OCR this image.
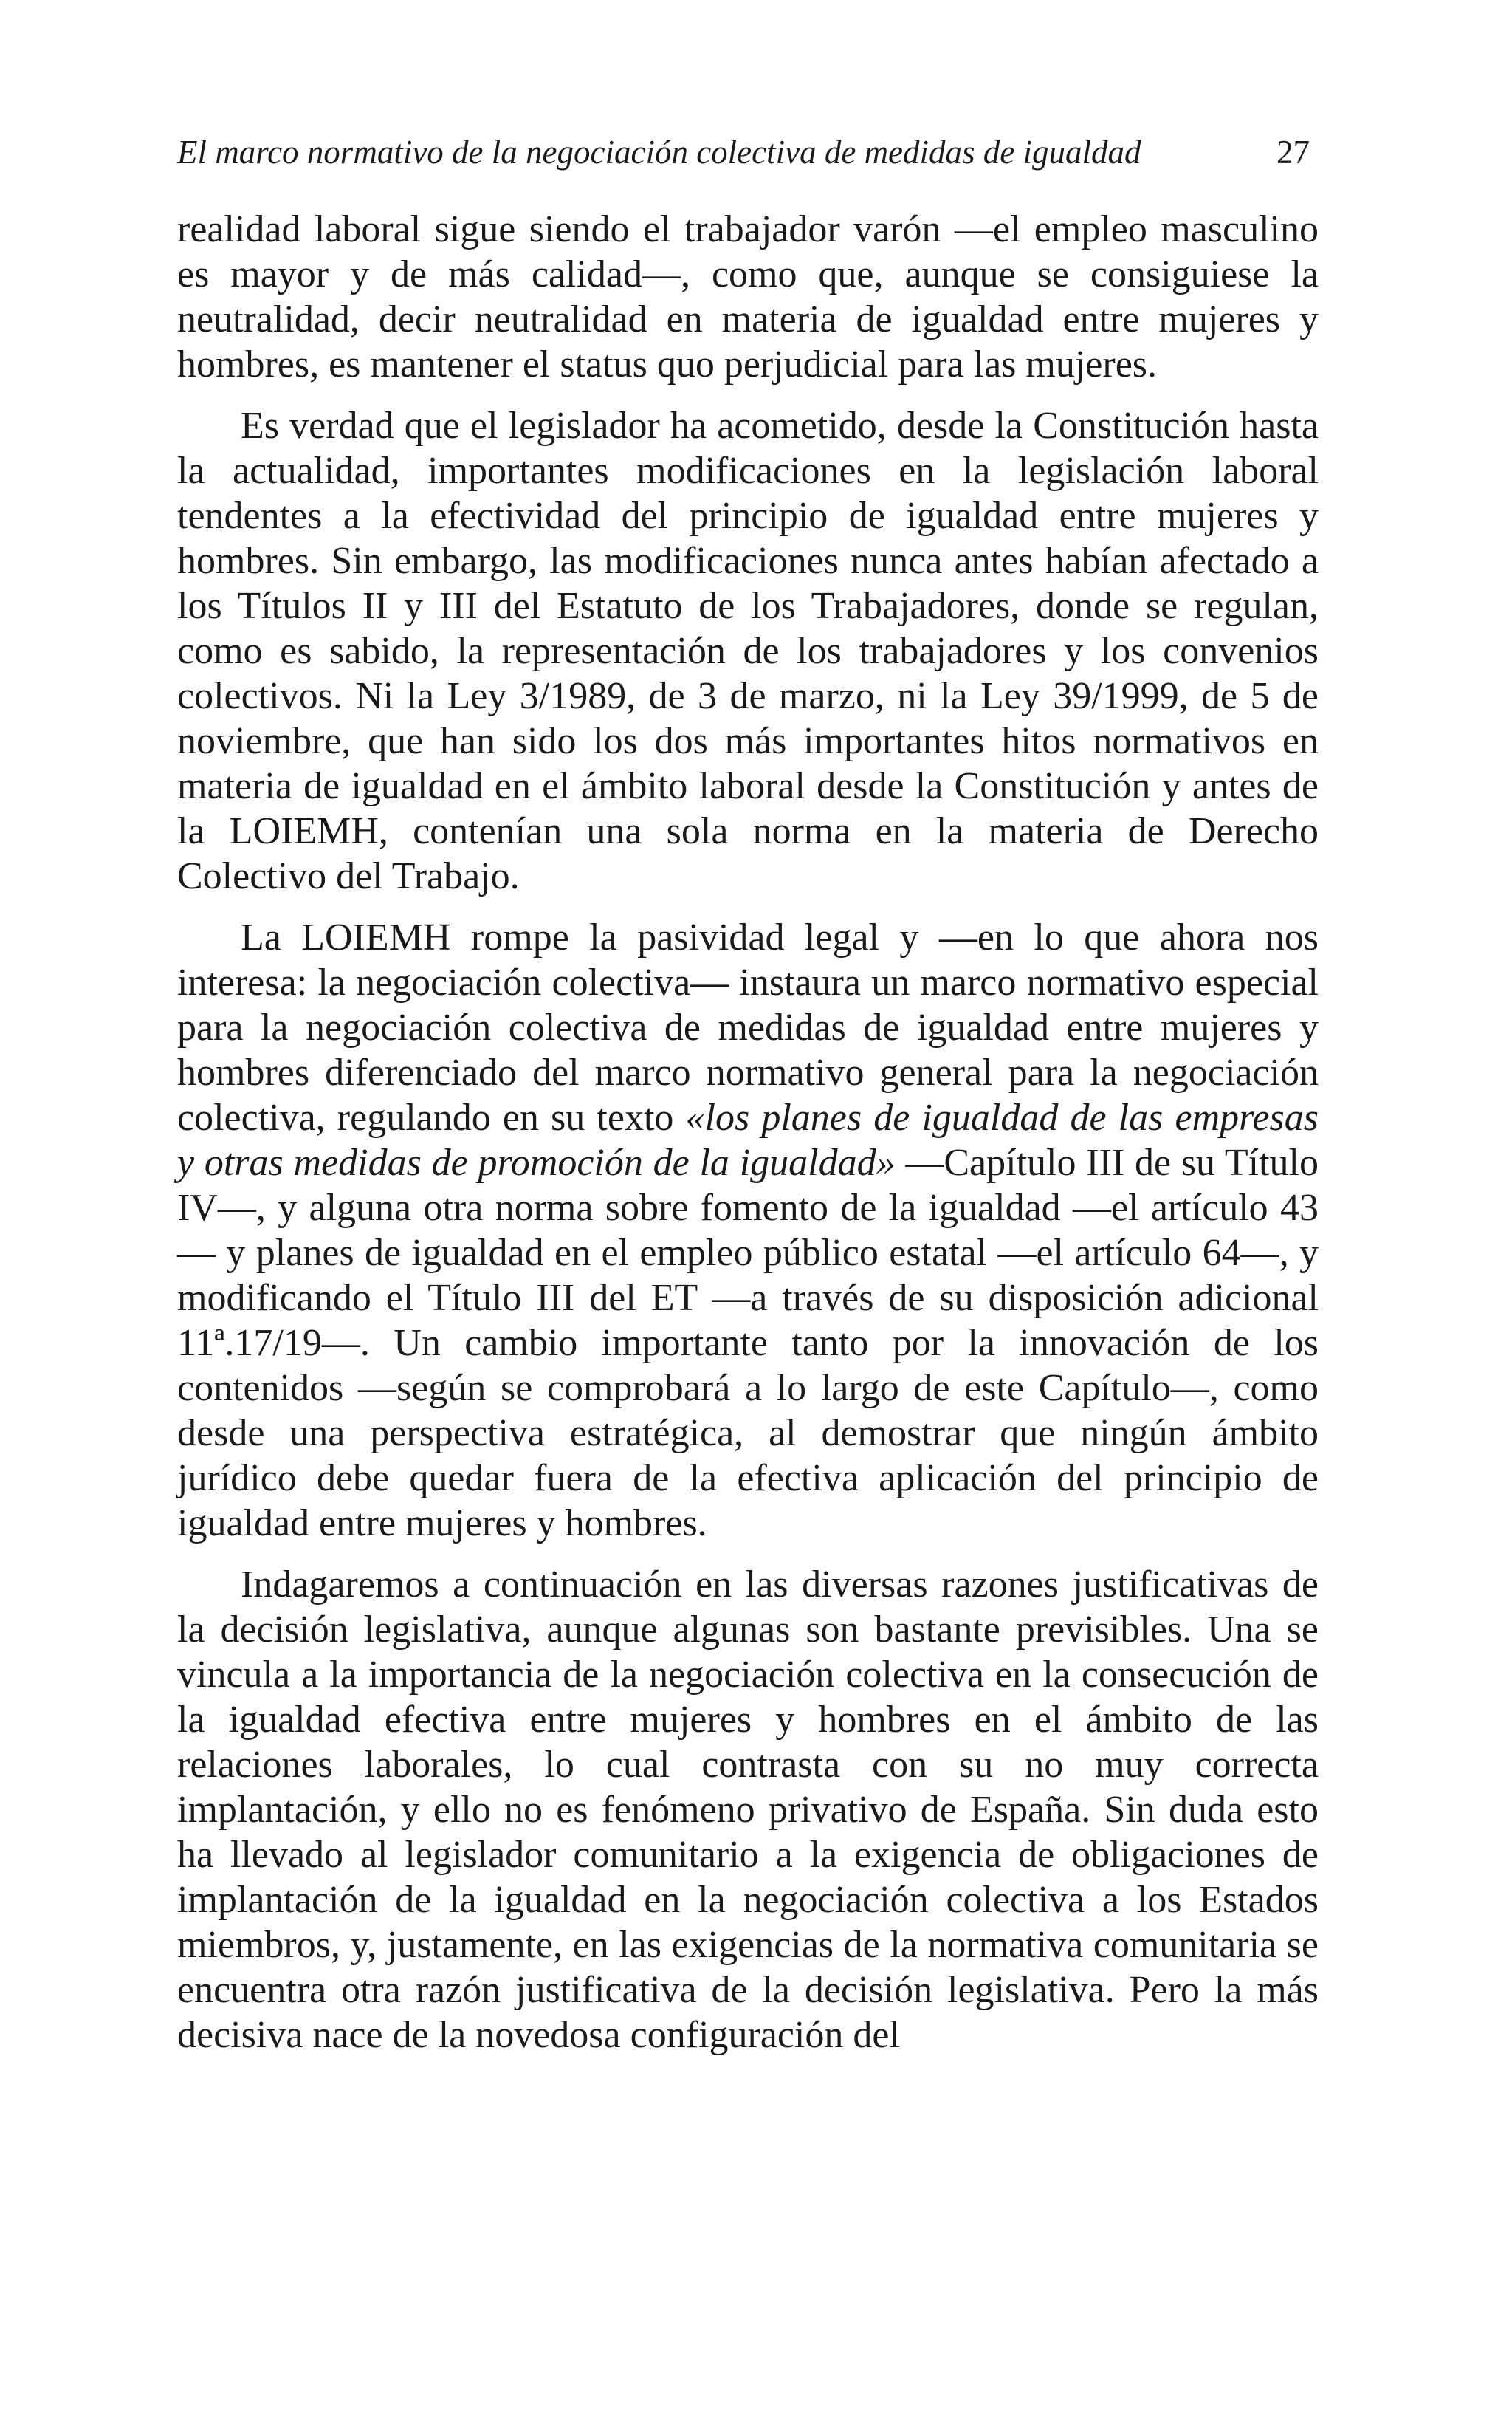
El marco normativo de la negociación colectiva de medidas de igualdad	27

realidad laboral sigue siendo el trabajador varón —el empleo masculino es mayor y de más calidad—, como que, aunque se consiguiese la neutralidad, decir neutralidad en materia de igualdad entre mujeres y hombres, es mantener el status quo perjudicial para las mujeres.

Es verdad que el legislador ha acometido, desde la Constitución hasta la actualidad, importantes modificaciones en la legislación laboral tendentes a la efectividad del principio de igualdad entre mujeres y hombres. Sin embargo, las modificaciones nunca antes habían afectado a los Títulos II y III del Estatuto de los Trabajadores, donde se regulan, como es sabido, la representación de los trabajadores y los convenios colectivos. Ni la Ley 3/1989, de 3 de marzo, ni la Ley 39/1999, de 5 de noviembre, que han sido los dos más importantes hitos normativos en materia de igualdad en el ámbito laboral desde la Constitución y antes de la LOIEMH, contenían una sola norma en la materia de Derecho Colectivo del Trabajo.

La LOIEMH rompe la pasividad legal y —en lo que ahora nos interesa: la negociación colectiva— instaura un marco normativo especial para la negociación colectiva de medidas de igualdad entre mujeres y hombres diferenciado del marco normativo general para la negociación colectiva, regulando en su texto «los planes de igualdad de las empresas y otras medidas de promoción de la igualdad» —Capítulo III de su Título IV—, y alguna otra norma sobre fomento de la igualdad —el artículo 43— y planes de igualdad en el empleo público estatal —el artículo 64—, y modificando el Título III del ET —a través de su disposición adicional 11ª.17/19—. Un cambio importante tanto por la innovación de los contenidos —según se comprobará a lo largo de este Capítulo—, como desde una perspectiva estratégica, al demostrar que ningún ámbito jurídico debe quedar fuera de la efectiva aplicación del principio de igualdad entre mujeres y hombres.

Indagaremos a continuación en las diversas razones justificativas de la decisión legislativa, aunque algunas son bastante previsibles. Una se vincula a la importancia de la negociación colectiva en la consecución de la igualdad efectiva entre mujeres y hombres en el ámbito de las relaciones laborales, lo cual contrasta con su no muy correcta implantación, y ello no es fenómeno privativo de España. Sin duda esto ha llevado al legislador comunitario a la exigencia de obligaciones de implantación de la igualdad en la negociación colectiva a los Estados miembros, y, justamente, en las exigencias de la normativa comunitaria se encuentra otra razón justificativa de la decisión legislativa. Pero la más decisiva nace de la novedosa configuración del
